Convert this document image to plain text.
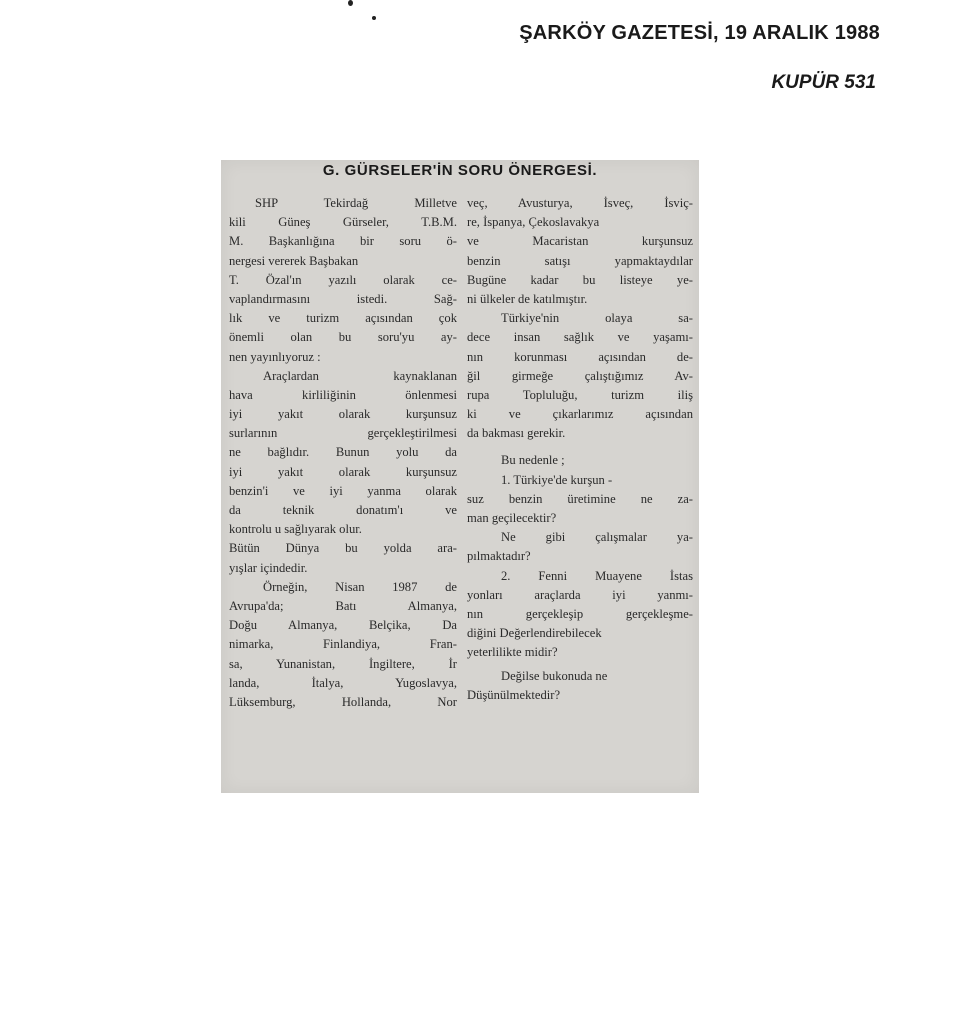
ŞARKÖY GAZETESİ, 19 ARALIK 1988
KUPÜR 531
G. GÜRSELER'İN SORU ÖNERGESİ.
SHP Tekirdağ Milletve
kili Güneş Gürseler, T.B.M.
M. Başkanlığına bir soru ö-
nergesi vererek Başbakan
T. Özal'ın yazılı olarak ce-
vaplandırmasını istedi. Sağ-
lık ve turizm açısından çok
önemli olan bu soru'yu ay-
nen yayınlıyoruz :
Araçlardan kaynaklanan
hava kirliliğinin önlenmesi
iyi yakıt olarak kurşunsuz
surlarının gerçekleştirilmesi
ne bağlıdır. Bunun yolu da
iyi yakıt olarak kurşunsuz
benzin'i ve iyi yanma olarak
da teknik donatım'ı ve
kontrolu u sağlıyarak olur.
Bütün Dünya bu yolda ara-
yışlar içindedir.
Örneğin, Nisan 1987 de
Avrupa'da; Batı Almanya,
Doğu Almanya, Belçika, Da
nimarka, Finlandiya, Fran-
sa, Yunanistan, İngiltere, İr
landa, İtalya, Yugoslavya,
Lüksemburg, Hollanda, Nor
veç, Avusturya, İsveç, İsviç-
re, İspanya, Çekoslavakya
ve Macaristan kurşunsuz
benzin satışı yapmaktaydılar
Bugüne kadar bu listeye ye-
ni ülkeler de katılmıştır.
Türkiye'nin olaya sa-
dece insan sağlık ve yaşamı-
nın korunması açısından de-
ğil girmeğe çalıştığımız Av-
rupa Topluluğu, turizm iliş
ki ve çıkarlarımız açısından
da bakması gerekir.
Bu nedenle ;
1. Türkiye'de kurşun -
suz benzin üretimine ne za-
man geçilecektir?
Ne gibi çalışmalar ya-
pılmaktadır?
2. Fenni Muayene İstas
yonları araçlarda iyi yanmı-
nın gerçekleşip gerçekleşme-
diğini Değerlendirebilecek
yeterlilikte midir?
Değilse bukonuda ne
Düşünülmektedir?
